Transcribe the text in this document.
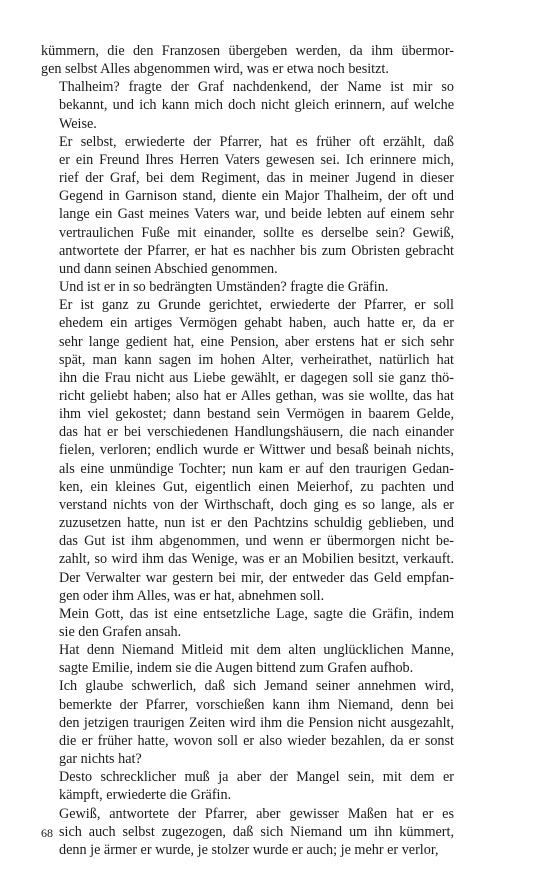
kümmern, die den Franzosen übergeben werden, da ihm übermor-
gen selbst Alles abgenommen wird, was er etwa noch besitzt.

Thalheim? fragte der Graf nachdenkend, der Name ist mir so
bekannt, und ich kann mich doch nicht gleich erinnern, auf welche
Weise.

Er selbst, erwiederte der Pfarrer, hat es früher oft erzählt, daß
er ein Freund Ihres Herren Vaters gewesen sei. Ich erinnere mich,
rief der Graf, bei dem Regiment, das in meiner Jugend in dieser
Gegend in Garnison stand, diente ein Major Thalheim, der oft und
lange ein Gast meines Vaters war, und beide lebten auf einem sehr
vertraulichen Fuße mit einander, sollte es derselbe sein? Gewiß,
antwortete der Pfarrer, er hat es nachher bis zum Obristen gebracht
und dann seinen Abschied genommen.

Und ist er in so bedrängten Umständen? fragte die Gräfin.

Er ist ganz zu Grunde gerichtet, erwiederte der Pfarrer, er soll
ehedem ein artiges Vermögen gehabt haben, auch hatte er, da er
sehr lange gedient hat, eine Pension, aber erstens hat er sich sehr
spät, man kann sagen im hohen Alter, verheirathet, natürlich hat
ihn die Frau nicht aus Liebe gewählt, er dagegen soll sie ganz thö-
richt geliebt haben; also hat er Alles gethan, was sie wollte, das hat
ihm viel gekostet; dann bestand sein Vermögen in baarem Gelde,
das hat er bei verschiedenen Handlungshäusern, die nach einander
fielen, verloren; endlich wurde er Wittwer und besaß beinah nichts,
als eine unmündige Tochter; nun kam er auf den traurigen Gedan-
ken, ein kleines Gut, eigentlich einen Meierhof, zu pachten und
verstand nichts von der Wirthschaft, doch ging es so lange, als er
zuzusetzen hatte, nun ist er den Pachtzins schuldig geblieben, und
das Gut ist ihm abgenommen, und wenn er übermorgen nicht be-
zahlt, so wird ihm das Wenige, was er an Mobilien besitzt, verkauft.
Der Verwalter war gestern bei mir, der entweder das Geld empfan-
gen oder ihm Alles, was er hat, abnehmen soll.

Mein Gott, das ist eine entsetzliche Lage, sagte die Gräfin, indem
sie den Grafen ansah.

Hat denn Niemand Mitleid mit dem alten unglücklichen Manne,
sagte Emilie, indem sie die Augen bittend zum Grafen aufhob.

Ich glaube schwerlich, daß sich Jemand seiner annehmen wird,
bemerkte der Pfarrer, vorschießen kann ihm Niemand, denn bei
den jetzigen traurigen Zeiten wird ihm die Pension nicht ausgezahlt,
die er früher hatte, wovon soll er also wieder bezahlen, da er sonst
gar nichts hat?

Desto schrecklicher muß ja aber der Mangel sein, mit dem er
kämpft, erwiederte die Gräfin.

Gewiß, antwortete der Pfarrer, aber gewisser Maßen hat er es
sich auch selbst zugezogen, daß sich Niemand um ihn kümmert,
denn je ärmer er wurde, je stolzer wurde er auch; je mehr er verlor,

68
